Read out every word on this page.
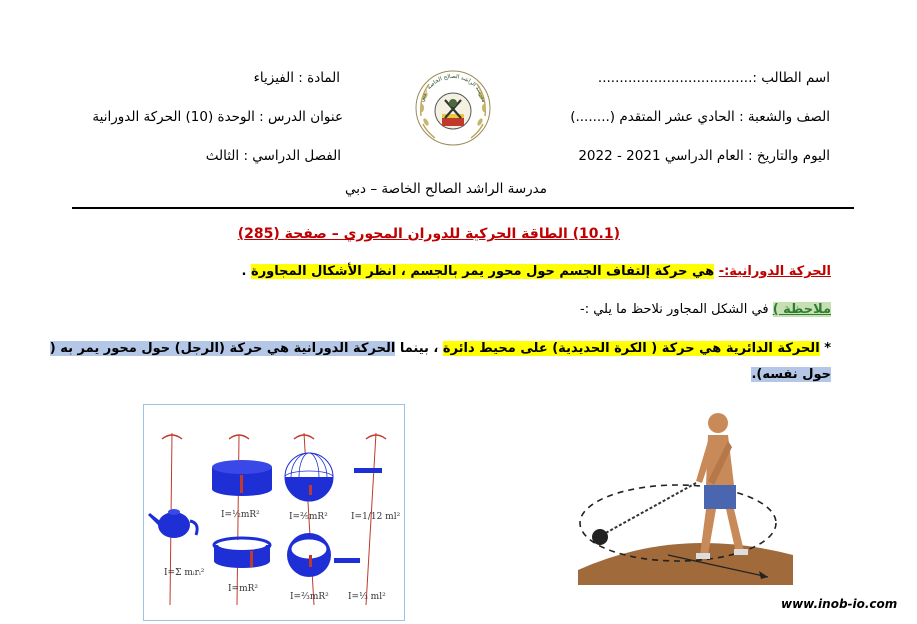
اسم الطالب :....................................
الصف والشعبة : الحادي عشر المتقدم (........)
اليوم والتاريخ : العام الدراسي 2021 - 2022
المادة : الفيزياء
عنوان الدرس : الوحدة (10) الحركة الدورانية
الفصل الدراسي : الثالث
مدرسة الراشد الصالح الخاصة – دبي
مدرسة الراشد الصالح الخاصة - دبي
(10.1) الطاقة الحركية للدوران المحوري – صفحة (285)
الحركة الدورانية:- هي حركة إلتفاف الجسم حول محور يمر بالجسم ، انظر الأشكال المجاورة .
ملاحظة ) في الشكل المجاور نلاحظ ما يلي :-
* الحركة الدائرية هي حركة ( الكرة الحديدية) على محيط دائرة ، بينما الحركة الدورانية هي حركة (الرجل) حول محور يمر به (
حول نفسه).
I=½mR²	I=⅖mR²	I=1/12 ml²
I=Σ mᵢrᵢ²
I=mR²
I=⅔mR² I=⅓ ml²	www.inob-io.com
